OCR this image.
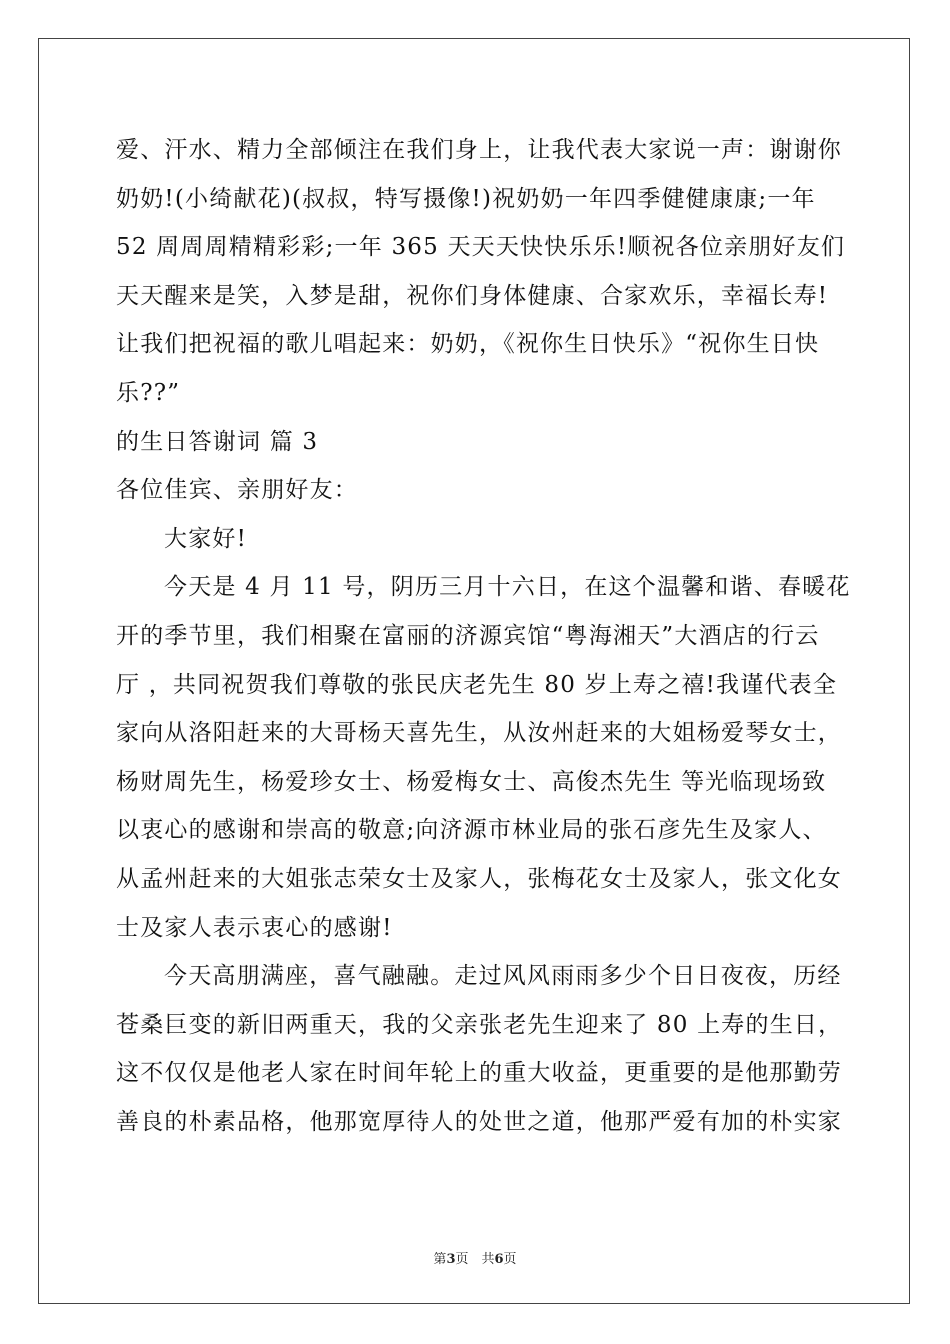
爱、汗水、精力全部倾注在我们身上，让我代表大家说一声：谢谢你
奶奶!(小绮献花)(叔叔，特写摄像!)祝奶奶一年四季健健康康;一年
52 周周周精精彩彩;一年 365 天天天快快乐乐!顺祝各位亲朋好友们
天天醒来是笑，入梦是甜，祝你们身体健康、合家欢乐，幸福长寿!
让我们把祝福的歌儿唱起来：奶奶，《祝你生日快乐》“祝你生日快
乐??”
的生日答谢词 篇 3
各位佳宾、亲朋好友：
大家好!
今天是 4 月 11 号，阴历三月十六日，在这个温馨和谐、春暖花
开的季节里，我们相聚在富丽的济源宾馆“粤海湘天”大酒店的行云
厅 ，共同祝贺我们尊敬的张民庆老先生 80 岁上寿之禧!我谨代表全
家向从洛阳赶来的大哥杨天喜先生，从汝州赶来的大姐杨爱琴女士，
杨财周先生，杨爱珍女士、杨爱梅女士、高俊杰先生 等光临现场致
以衷心的感谢和崇高的敬意;向济源市林业局的张石彦先生及家人、
从孟州赶来的大姐张志荣女士及家人，张梅花女士及家人，张文化女
士及家人表示衷心的感谢!
今天高朋满座，喜气融融。走过风风雨雨多少个日日夜夜，历经
苍桑巨变的新旧两重天，我的父亲张老先生迎来了 80 上寿的生日，
这不仅仅是他老人家在时间年轮上的重大收益，更重要的是他那勤劳
善良的朴素品格，他那宽厚待人的处世之道，他那严爱有加的朴实家
第3页　共6页
